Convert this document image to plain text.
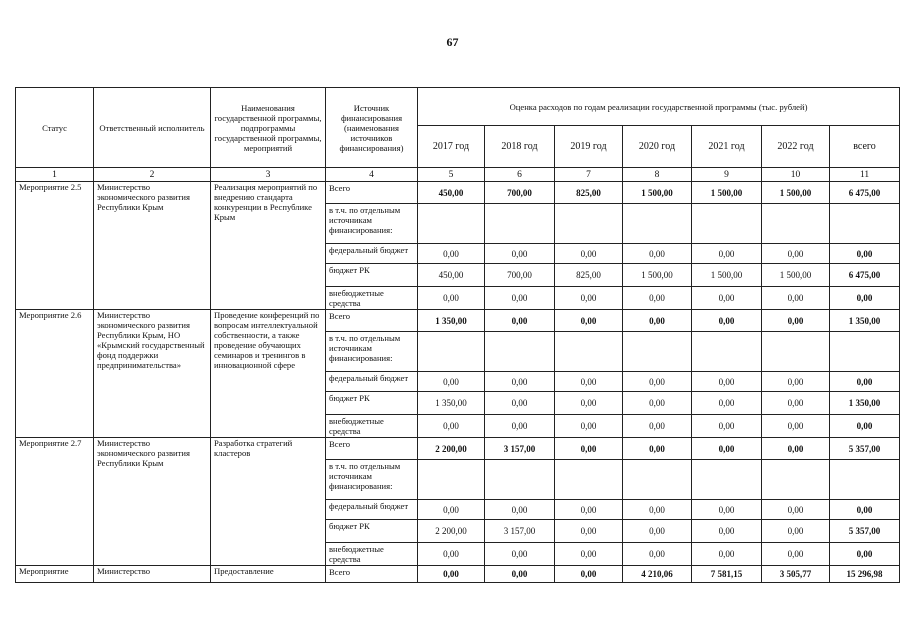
67
Статус	Ответственный исполнитель	Наименования государственной программы, подпрограммы государственной программы, мероприятий	Источник финансирования (наименования источников финансирования)	Оценка расходов по годам реализации государственной программы (тыс. рублей)						
				2017 год	2018 год	2019 год	2020 год	2021 год	2022 год	всего
1	2	3	4	5	6	7	8	9	10	11
Мероприятие 2.5	Министерство экономического развития Республики Крым	Реализация мероприятий по внедрению стандарта конкуренции в Республике Крым	Всего	450,00	700,00	825,00	1 500,00	1 500,00	1 500,00	6 475,00
			в т.ч. по отдельным источникам финансирования:							
			федеральный бюджет	0,00	0,00	0,00	0,00	0,00	0,00	0,00
			бюджет РК	450,00	700,00	825,00	1 500,00	1 500,00	1 500,00	6 475,00
			внебюджетные средства	0,00	0,00	0,00	0,00	0,00	0,00	0,00
Мероприятие 2.6	Министерство экономического развития Республики Крым, НО «Крымский государственный фонд поддержки предпринимательства»	Проведение конференций по вопросам интеллектуальной собственности, а также проведение обучающих семинаров и тренингов в инновационной сфере	Всего	1 350,00	0,00	0,00	0,00	0,00	0,00	1 350,00
			в т.ч. по отдельным источникам финансирования:							
			федеральный бюджет	0,00	0,00	0,00	0,00	0,00	0,00	0,00
			бюджет РК	1 350,00	0,00	0,00	0,00	0,00	0,00	1 350,00
			внебюджетные средства	0,00	0,00	0,00	0,00	0,00	0,00	0,00
Мероприятие 2.7	Министерство экономического развития Республики Крым	Разработка стратегий кластеров	Всего	2 200,00	3 157,00	0,00	0,00	0,00	0,00	5 357,00
			в т.ч. по отдельным источникам финансирования:							
			федеральный бюджет	0,00	0,00	0,00	0,00	0,00	0,00	0,00
			бюджет РК	2 200,00	3 157,00	0,00	0,00	0,00	0,00	5 357,00
			внебюджетные средства	0,00	0,00	0,00	0,00	0,00	0,00	0,00
Мероприятие	Министерство	Предоставление	Всего	0,00	0,00	0,00	4 210,06	7 581,15	3 505,77	15 296,98
